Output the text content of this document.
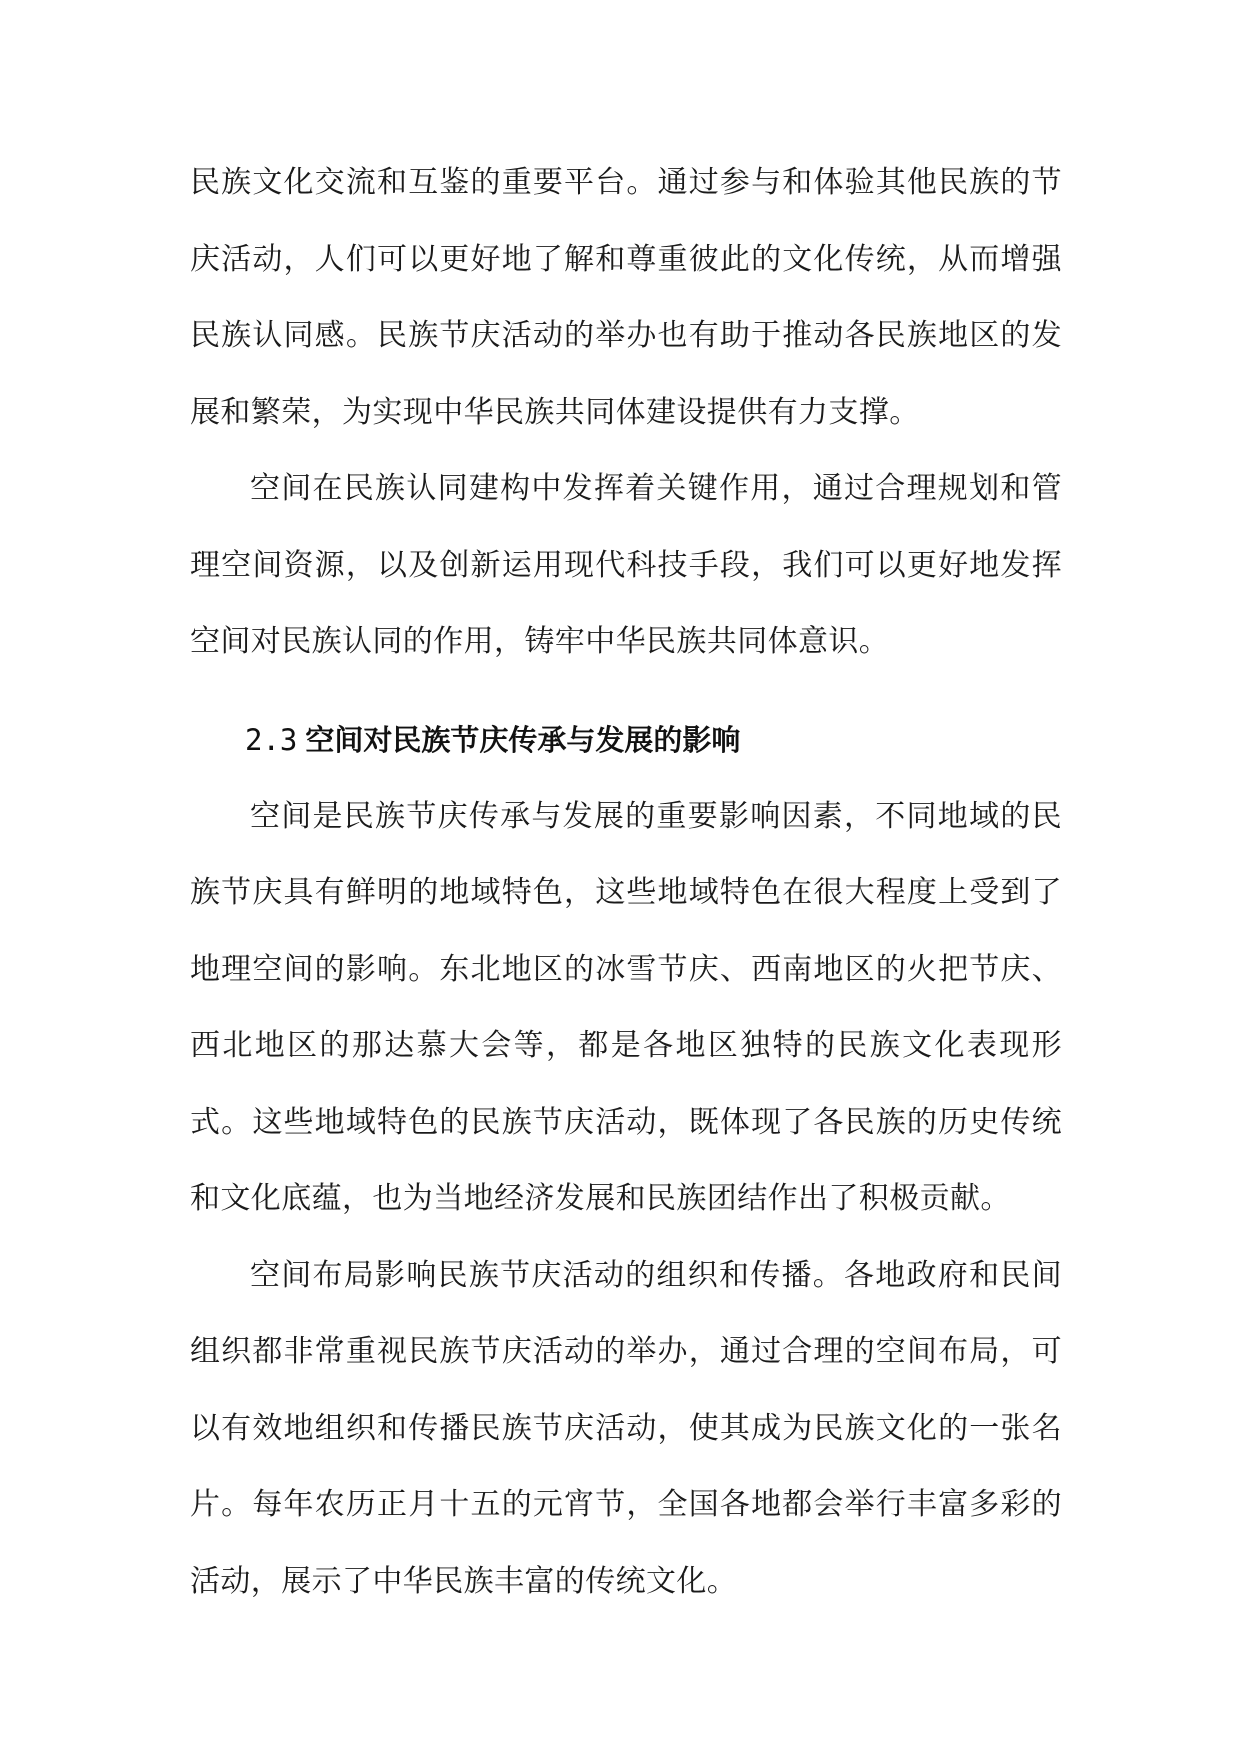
民族文化交流和互鉴的重要平台。通过参与和体验其他民族的节庆活动，人们可以更好地了解和尊重彼此的文化传统，从而增强民族认同感。民族节庆活动的举办也有助于推动各民族地区的发展和繁荣，为实现中华民族共同体建设提供有力支撑。

空间在民族认同建构中发挥着关键作用，通过合理规划和管理空间资源，以及创新运用现代科技手段，我们可以更好地发挥空间对民族认同的作用，铸牢中华民族共同体意识。

2.3 空间对民族节庆传承与发展的影响

空间是民族节庆传承与发展的重要影响因素，不同地域的民族节庆具有鲜明的地域特色，这些地域特色在很大程度上受到了地理空间的影响。东北地区的冰雪节庆、西南地区的火把节庆、西北地区的那达慕大会等，都是各地区独特的民族文化表现形式。这些地域特色的民族节庆活动，既体现了各民族的历史传统和文化底蕴，也为当地经济发展和民族团结作出了积极贡献。

空间布局影响民族节庆活动的组织和传播。各地政府和民间组织都非常重视民族节庆活动的举办，通过合理的空间布局，可以有效地组织和传播民族节庆活动，使其成为民族文化的一张名片。每年农历正月十五的元宵节，全国各地都会举行丰富多彩的活动，展示了中华民族丰富的传统文化。
